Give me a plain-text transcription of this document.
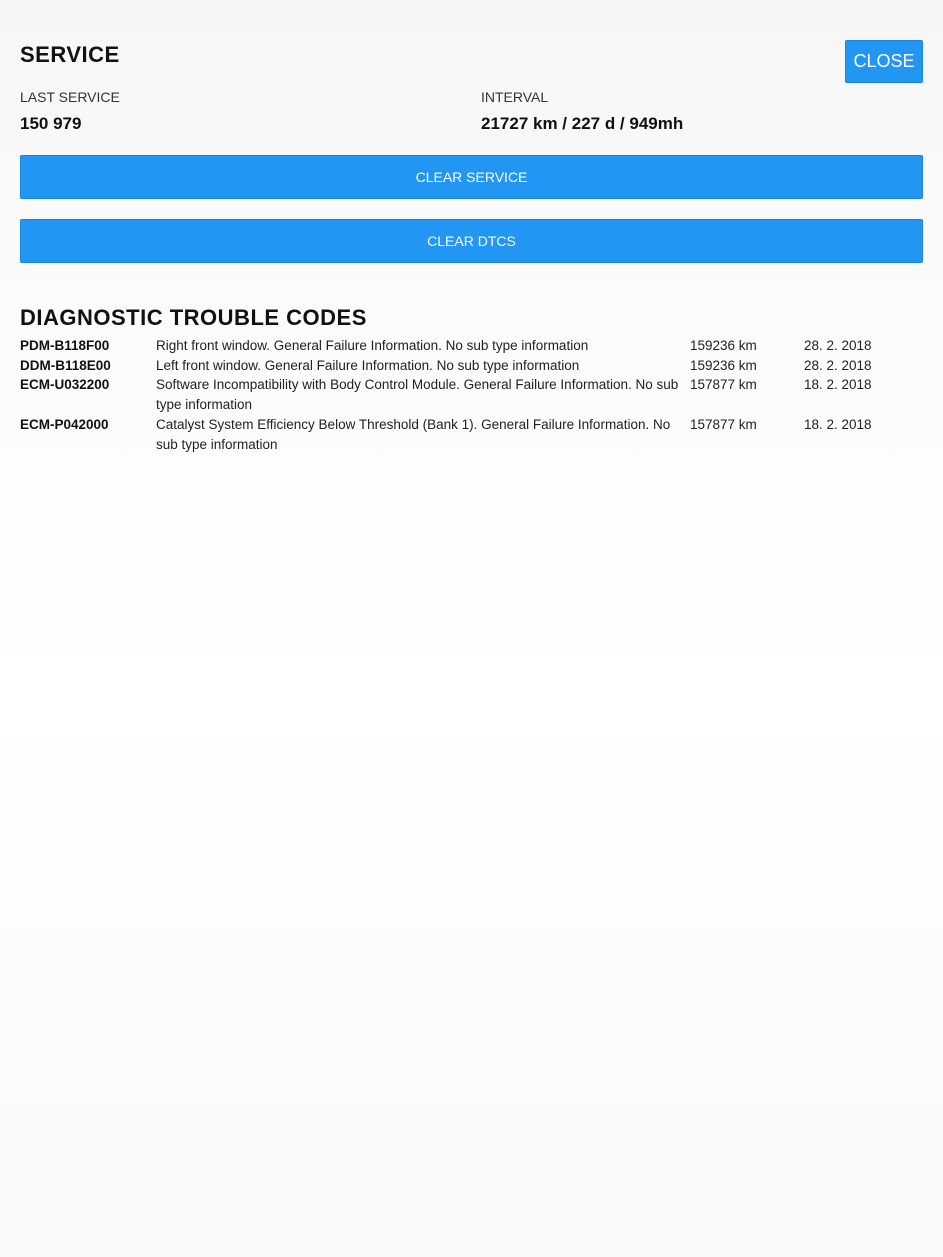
SERVICE	CLOSE
LAST SERVICE
150 979
INTERVAL
21727 km / 227 d / 949mh
CLEAR SERVICE
CLEAR DTCS
DIAGNOSTIC TROUBLE CODES
PDM-B118F00	Right front window. General Failure Information. No sub type information	159236 km	28. 2. 2018
DDM-B118E00	Left front window. General Failure Information. No sub type information	159236 km	28. 2. 2018
ECM-U032200	Software Incompatibility with Body Control Module. General Failure Information. No sub type information	157877 km	18. 2. 2018
ECM-P042000	Catalyst System Efficiency Below Threshold (Bank 1). General Failure Information. No sub type information	157877 km	18. 2. 2018
